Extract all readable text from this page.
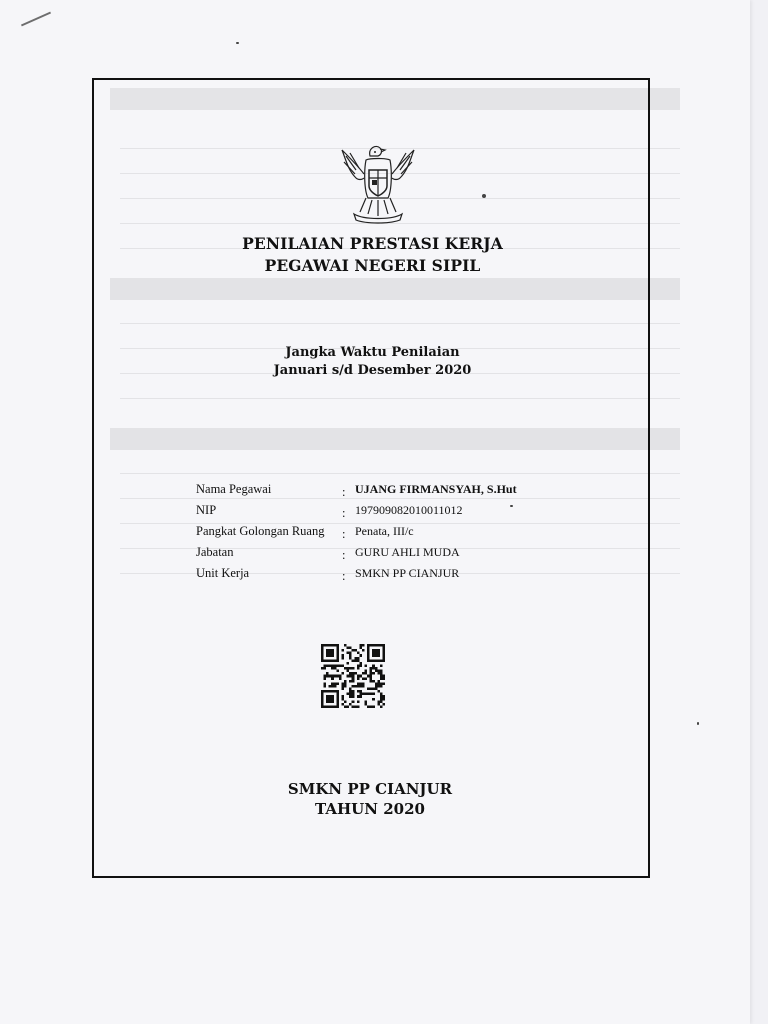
PENILAIAN PRESTASI KERJA
PEGAWAI NEGERI SIPIL
Jangka Waktu Penilaian
Januari s/d Desember 2020
Nama Pegawai	: UJANG FIRMANSYAH, S.Hut
NIP	: 197909082010011012
Pangkat Golongan Ruang : Penata, III/c
Jabatan	: GURU AHLI MUDA
Unit Kerja	: SMKN PP CIANJUR
SMKN PP CIANJUR
TAHUN 2020
